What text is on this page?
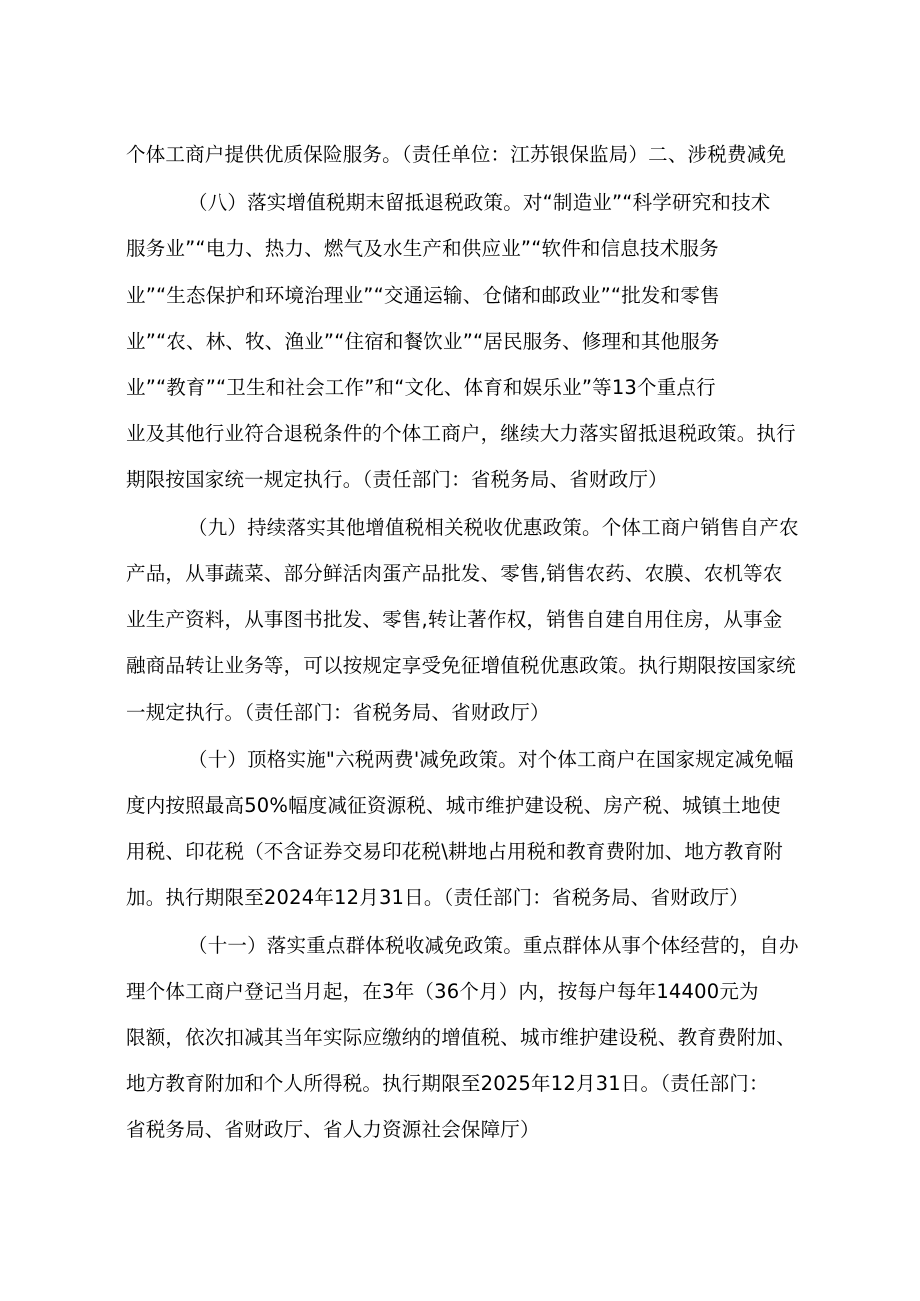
个体工商户提供优质保险服务。（责任单位：江苏银保监局）二、涉税费减免
（八）落实增值税期末留抵退税政策。对“制造业”“科学研究和技术
服务业”“电力、热力、燃气及水生产和供应业”“软件和信息技术服务
业”“生态保护和环境治理业”“交通运输、仓储和邮政业”“批发和零售
业”“农、林、牧、渔业”“住宿和餐饮业”“居民服务、修理和其他服务
业”“教育”“卫生和社会工作”和“文化、体育和娱乐业”等13个重点行
业及其他行业符合退税条件的个体工商户，继续大力落实留抵退税政策。执行
期限按国家统一规定执行。（责任部门：省税务局、省财政厅）
（九）持续落实其他增值税相关税收优惠政策。个体工商户销售自产农
产品，从事蔬菜、部分鲜活肉蛋产品批发、零售,销售农药、农膜、农机等农
业生产资料，从事图书批发、零售,转让著作权，销售自建自用住房，从事金
融商品转让业务等，可以按规定享受免征增值税优惠政策。执行期限按国家统
一规定执行。（责任部门：省税务局、省财政厅）
（十）顶格实施"六税两费'减免政策。对个体工商户在国家规定减免幅
度内按照最高50%幅度减征资源税、城市维护建设税、房产税、城镇土地使
用税、印花税（不含证券交易印花税\耕地占用税和教育费附加、地方教育附
加。执行期限至2024年12月31日。（责任部门：省税务局、省财政厅）
（十一）落实重点群体税收减免政策。重点群体从事个体经营的，自办
理个体工商户登记当月起，在3年（36个月）内，按每户每年14400元为
限额，依次扣减其当年实际应缴纳的增值税、城市维护建设税、教育费附加、
地方教育附加和个人所得税。执行期限至2025年12月31日。（责任部门：
省税务局、省财政厅、省人力资源社会保障厅）
